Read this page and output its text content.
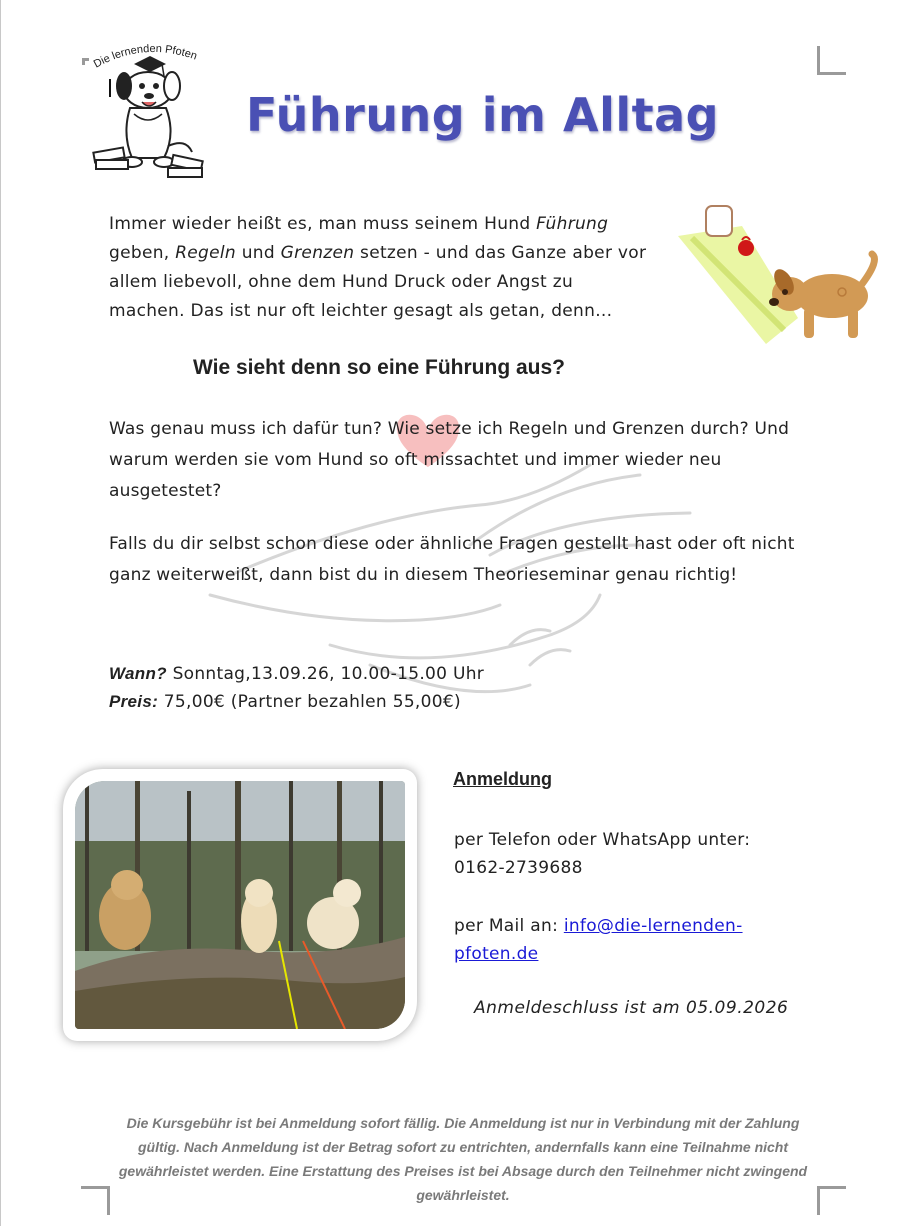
Die lernenden Pfoten
Führung im Alltag

Immer wieder heißt es, man muss seinem Hund Führung geben, Regeln und Grenzen setzen - und das Ganze aber vor allem liebevoll, ohne dem Hund Druck oder Angst zu machen. Das ist nur oft leichter gesagt als getan, denn...

Wie sieht denn so eine Führung aus?

Was genau muss ich dafür tun? Wie setze ich Regeln und Grenzen durch? Und warum werden sie vom Hund so oft missachtet und immer wieder neu ausgetestet?

Falls du dir selbst schon diese oder ähnliche Fragen gestellt hast oder oft nicht ganz weiterweißt, dann bist du in diesem Theorieseminar genau richtig!

Wann? Sonntag,13.09.26, 10.00-15.00 Uhr

Preis: 75,00€ (Partner bezahlen 55,00€)

Anmeldung

per Telefon oder WhatsApp unter:

0162-2739688

per Mail an: info@die-lernenden-pfoten.de

Anmeldeschluss ist am 05.09.2026

Die Kursgebühr ist bei Anmeldung sofort fällig. Die Anmeldung ist nur in Verbindung mit der Zahlung gültig. Nach Anmeldung ist der Betrag sofort zu entrichten, andernfalls kann eine Teilnahme nicht gewährleistet werden. Eine Erstattung des Preises ist bei Absage durch den Teilnehmer nicht zwingend gewährleistet.
